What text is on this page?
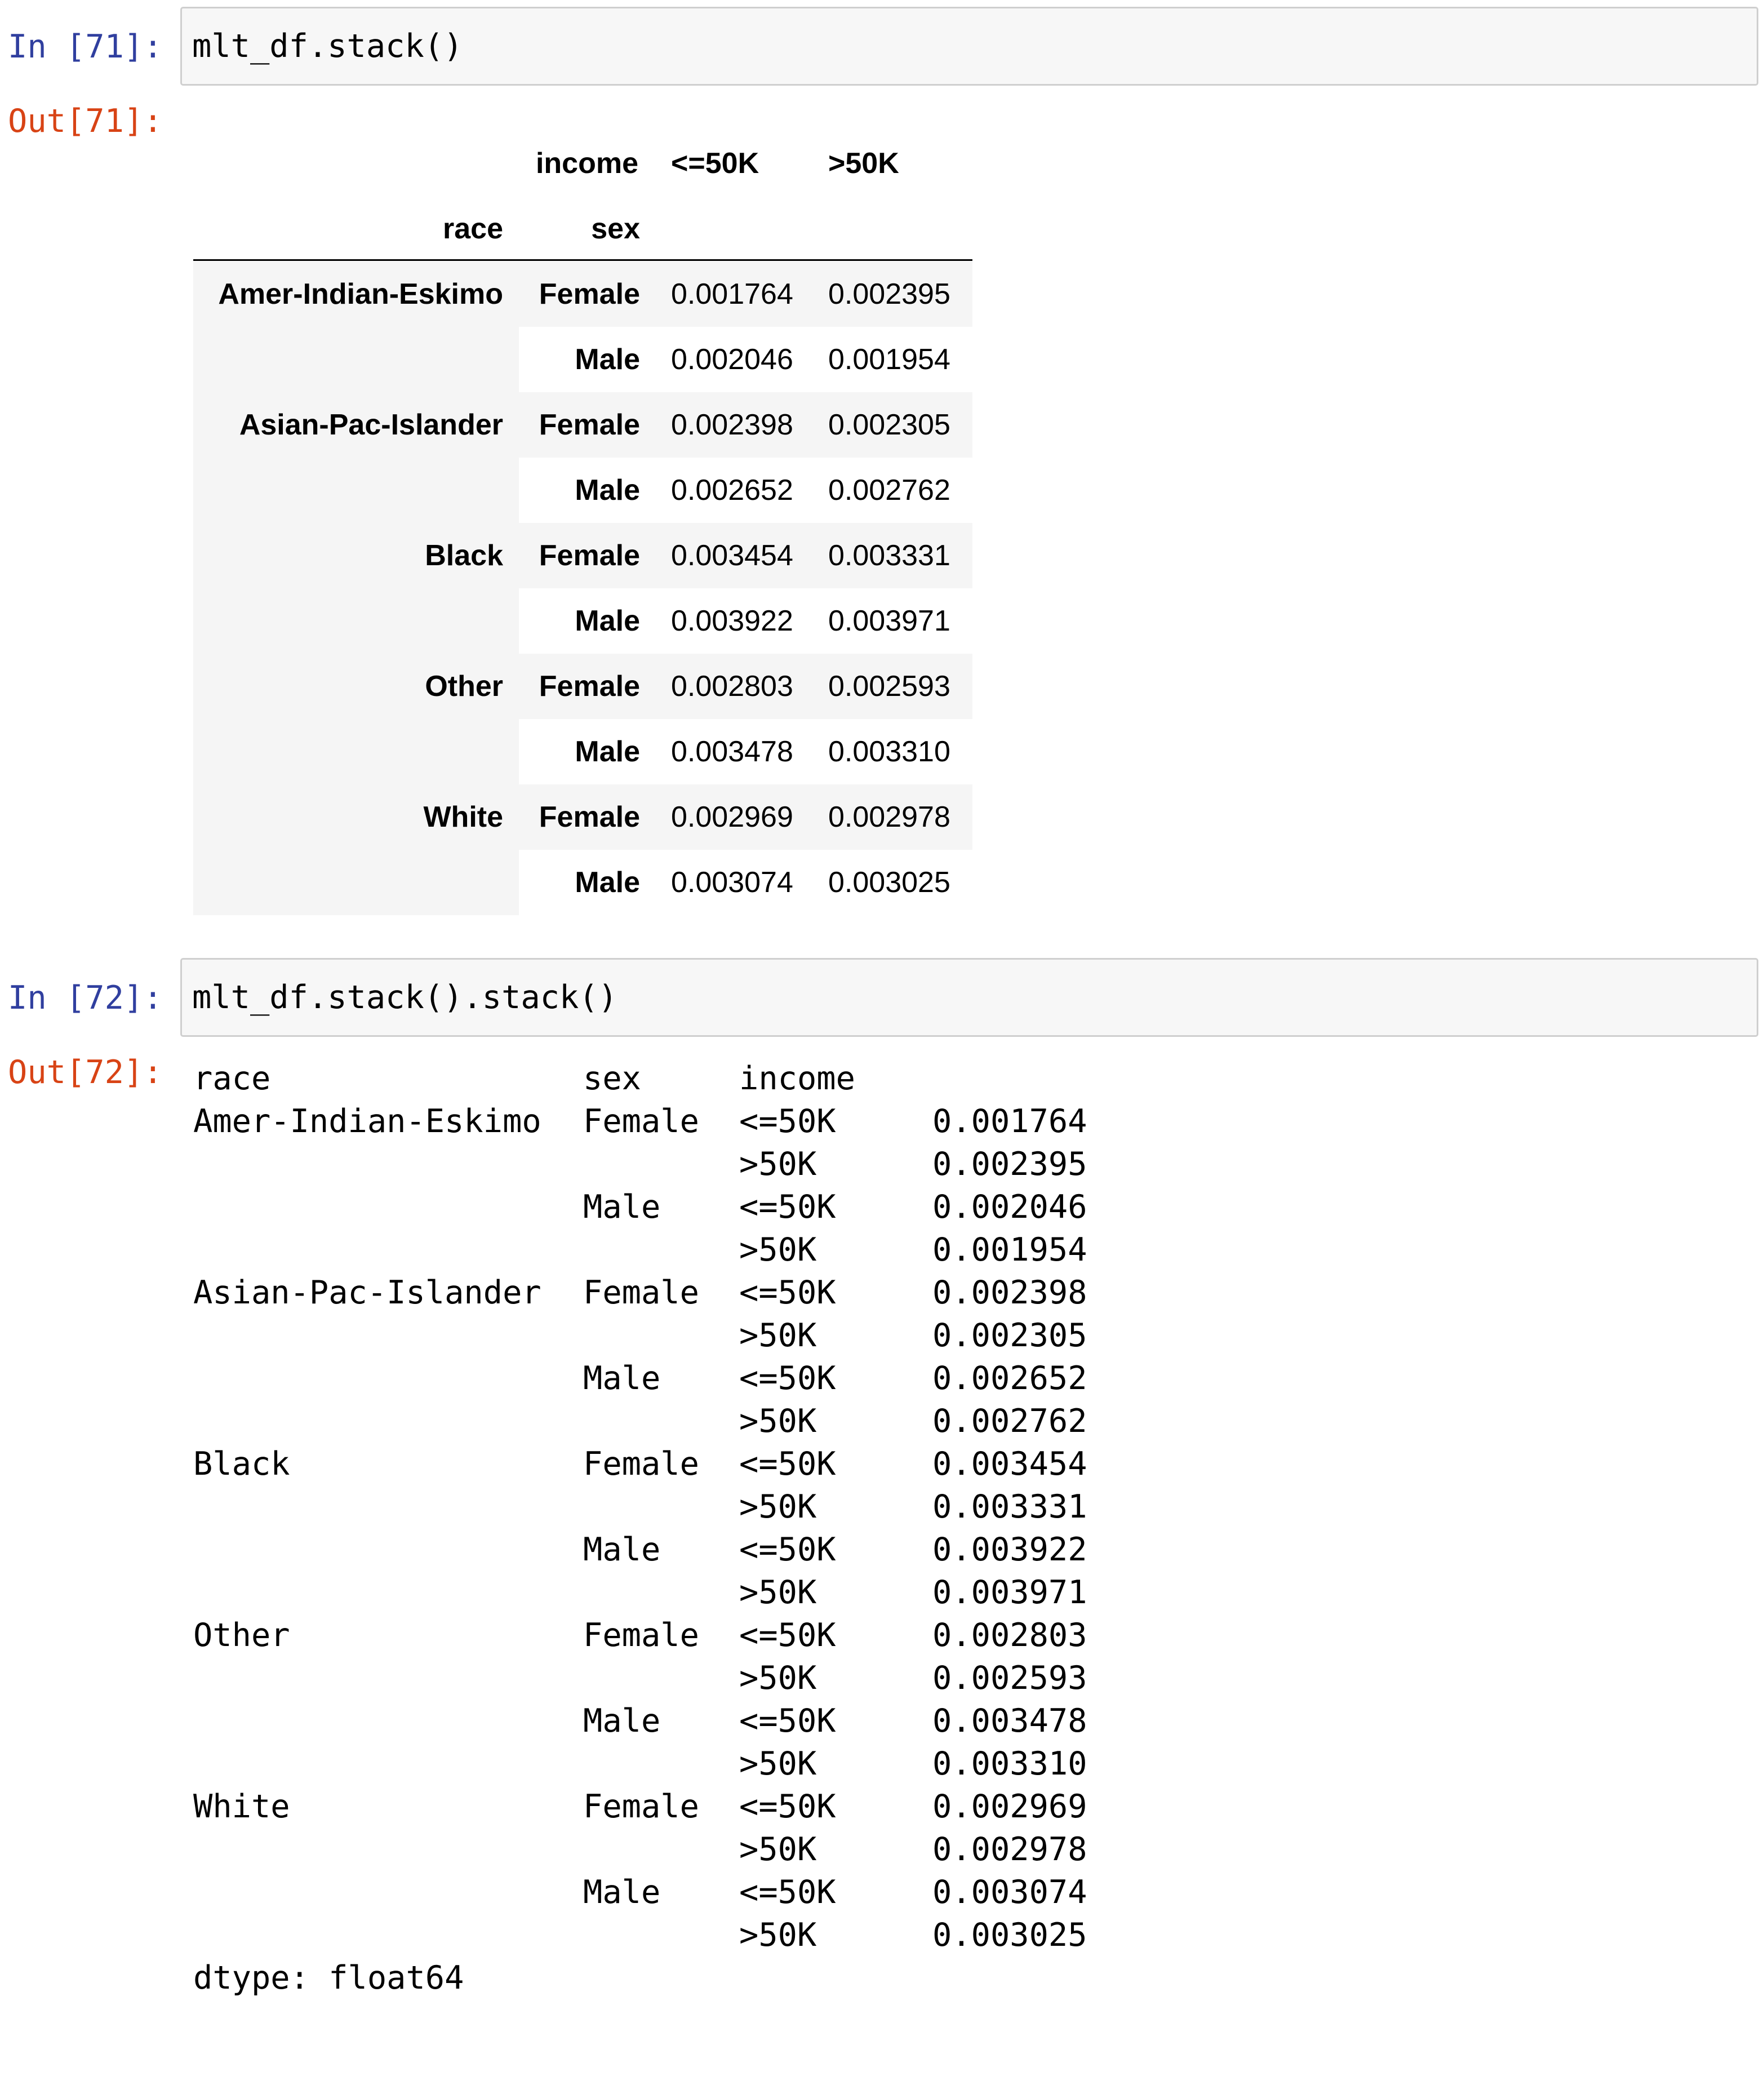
In [71]: mlt_df.stack()
Out[71]:
income <=50K	>50K
race	sex
Amer-Indian-Eskimo	Female 0.001764	0.002395
Male 0.002046	0.001954
Asian-Pac-Islander	Female 0.002398	0.002305
Male 0.002652	0.002762
Black	Female 0.003454	0.003331
Male 0.003922	0.003971
Other	Female 0.002803	0.002593
Male 0.003478	0.003310
White	Female 0.002969	0.002978
Male 0.003074	0.003025
In [72]: mlt_df.stack().stack()
Out[72]:

race

	sex

	income

Amer-Indian-Eskimo Female <=50K	0.001764
>50K	0.002395
Male <=50K	0.002046
>50K	0.001954
Asian-Pac-Islander Female <=50K	0.002398
>50K	0.002305
Male <=50K	0.002652
>50K	0.002762
Black	Female <=50K	0.003454
>50K	0.003331
Male <=50K	0.003922
>50K	0.003971
Other	Female <=50K	0.002803
>50K	0.002593
Male <=50K	0.003478
>50K	0.003310
White	Female <=50K	0.002969
>50K	0.002978
Male <=50K	0.003074
>50K	0.003025

dtype: float64
